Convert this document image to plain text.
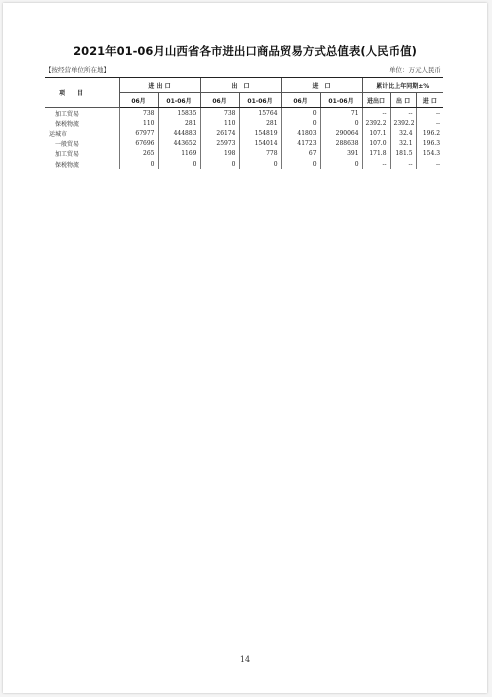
2021年01-06月山西省各市进出口商品贸易方式总值表(人民币值)
【按经营单位所在地】	单位：万元人民币
项　　目	进 出 口		出　口		进　口		累计比上年同期±%		
	06月	01-06月	06月	01-06月	06月	01-06月	进出口	出 口	进 口
加工贸易	738	15835	738	15764	0	71	--	--	--
保税物流	110	281	110	281	0	0	2392.2	2392.2	--
运城市	67977	444883	26174	154819	41803	290064	107.1	32.4	196.2
一般贸易	67696	443652	25973	154014	41723	288638	107.0	32.1	196.3
加工贸易	265	1169	198	778	67	391	171.8	181.5	154.3
保税物流	0	0	0	0	0	0	--	--	--
14
